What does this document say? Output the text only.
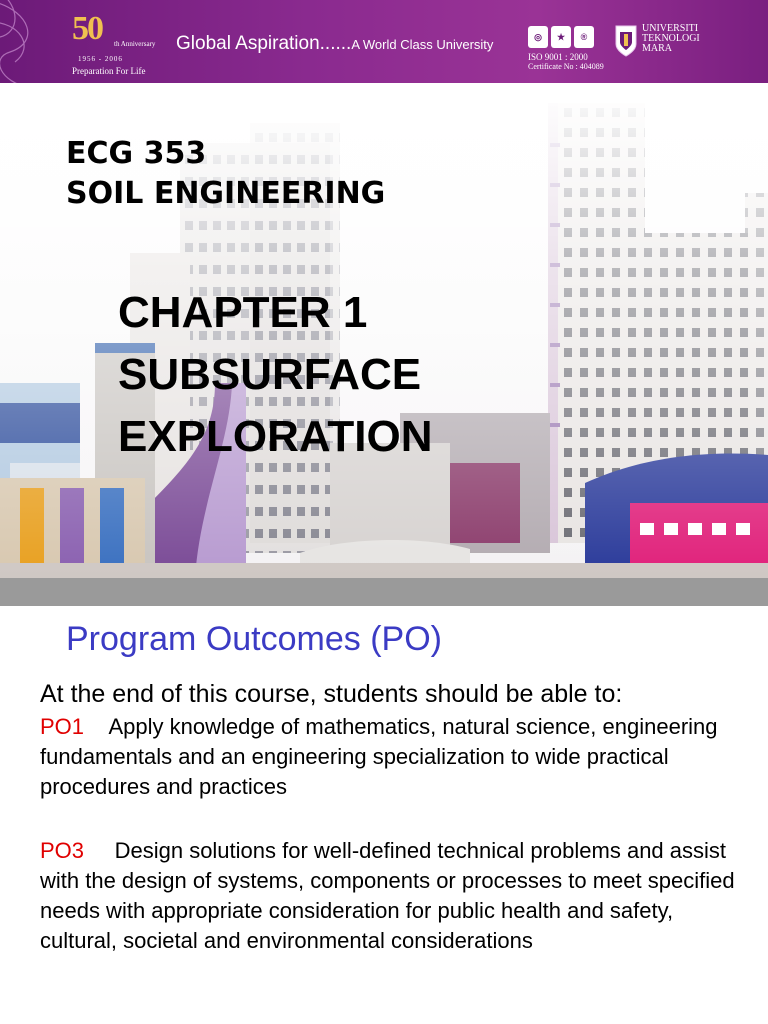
50 th Anniversary
1956 - 2006
Preparation For Life
Global Aspiration......A World Class University
◎	★	®
ISO 9001 : 2000
Certificate No : 404089
UNIVERSITI
TEKNOLOGI
MARA
ECG 353
SOIL ENGINEERING
CHAPTER 1
SUBSURFACE
EXPLORATION
Program Outcomes (PO)
At the end of this course, students should be able to:
PO1 Apply knowledge of mathematics, natural science, engineering fundamentals and an engineering specialization to wide practical procedures and practices
PO3 Design solutions for well-defined technical problems and assist with the design of systems, components or processes to meet specified needs with appropriate consideration for public health and safety, cultural, societal and environmental considerations
